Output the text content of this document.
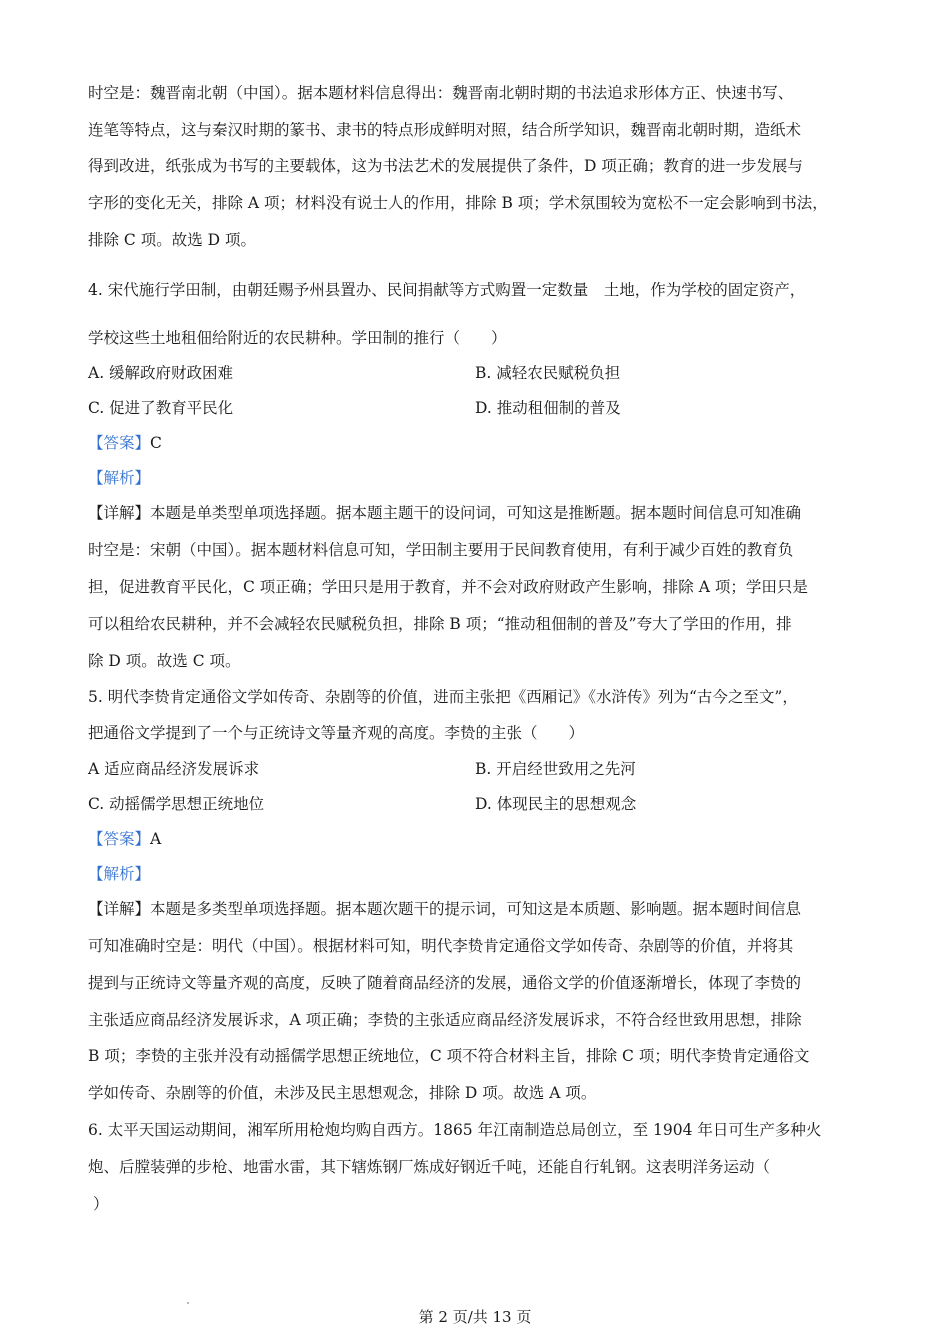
时空是：魏晋南北朝（中国）。据本题材料信息得出：魏晋南北朝时期的书法追求形体方正、快速书写、
连笔等特点，这与秦汉时期的篆书、隶书的特点形成鲜明对照，结合所学知识，魏晋南北朝时期，造纸术
得到改进，纸张成为书写的主要载体，这为书法艺术的发展提供了条件，D 项正确；教育的进一步发展与
字形的变化无关，排除 A 项；材料没有说士人的作用，排除 B 项；学术氛围较为宽松不一定会影响到书法，
排除 C 项。故选 D 项。
4. 宋代施行学田制，由朝廷赐予州县置办、民间捐献等方式购置一定数量　土地，作为学校的固定资产，
学校这些土地租佃给附近的农民耕种。学田制的推行（　　）
A. 缓解政府财政困难	B. 减轻农民赋税负担
C. 促进了教育平民化	D. 推动租佃制的普及
【答案】C
【解析】
【详解】本题是单类型单项选择题。据本题主题干的设问词，可知这是推断题。据本题时间信息可知准确
时空是：宋朝（中国）。据本题材料信息可知，学田制主要用于民间教育使用，有利于减少百姓的教育负
担，促进教育平民化，C 项正确；学田只是用于教育，并不会对政府财政产生影响，排除 A 项；学田只是
可以租给农民耕种，并不会减轻农民赋税负担，排除 B 项；“推动租佃制的普及”夸大了学田的作用，排
除 D 项。故选 C 项。
5. 明代李贽肯定通俗文学如传奇、杂剧等的价值，进而主张把《西厢记》《水浒传》列为“古今之至文”，
把通俗文学提到了一个与正统诗文等量齐观的高度。李贽的主张（　　）
A 适应商品经济发展诉求	B. 开启经世致用之先河
C. 动摇儒学思想正统地位	D. 体现民主的思想观念
【答案】A
【解析】
【详解】本题是多类型单项选择题。据本题次题干的提示词，可知这是本质题、影响题。据本题时间信息
可知准确时空是：明代（中国）。根据材料可知，明代李贽肯定通俗文学如传奇、杂剧等的价值，并将其
提到与正统诗文等量齐观的高度，反映了随着商品经济的发展，通俗文学的价值逐渐增长，体现了李贽的
主张适应商品经济发展诉求，A 项正确；李贽的主张适应商品经济发展诉求，不符合经世致用思想，排除
B 项；李贽的主张并没有动摇儒学思想正统地位，C 项不符合材料主旨，排除 C 项；明代李贽肯定通俗文
学如传奇、杂剧等的价值，未涉及民主思想观念，排除 D 项。故选 A 项。
6. 太平天国运动期间，湘军所用枪炮均购自西方。1865 年江南制造总局创立，至 1904 年日可生产多种火
炮、后膛装弹的步枪、地雷水雷，其下辖炼钢厂炼成好钢近千吨，还能自行轧钢。这表明洋务运动（
）
第 2 页/共 13 页
